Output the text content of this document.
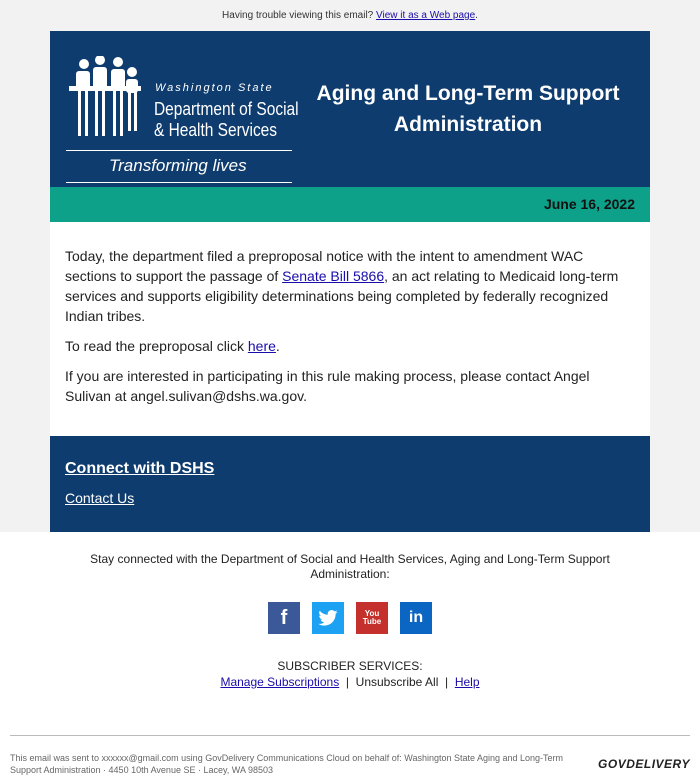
Having trouble viewing this email? View it as a Web page.
Washington State
Department of Social
& Health Services
Transforming lives
Aging and Long-Term Support
Administration
June 16, 2022

Today, the department filed a preproposal notice with the intent to amendment WAC sections to support the passage of Senate Bill 5866, an act relating to Medicaid long-term services and supports eligibility determinations being completed by federally recognized Indian tribes.

To read the preproposal click here.

If you are interested in participating in this rule making process, please contact Angel Sulivan at angel.sulivan@dshs.wa.gov.

Connect with DSHS
Contact Us
Stay connected with the Department of Social and Health Services, Aging and Long-Term Support Administration:
f	You Tube	in
SUBSCRIBER SERVICES:
Manage Subscriptions | Unsubscribe All | Help
This email was sent to xxxxxx@gmail.com using GovDelivery Communications Cloud on behalf of: Washington State Aging and Long-Term Support Administration · 4450 10th Avenue SE · Lacey, WA 98503	GOVDELIVERY
